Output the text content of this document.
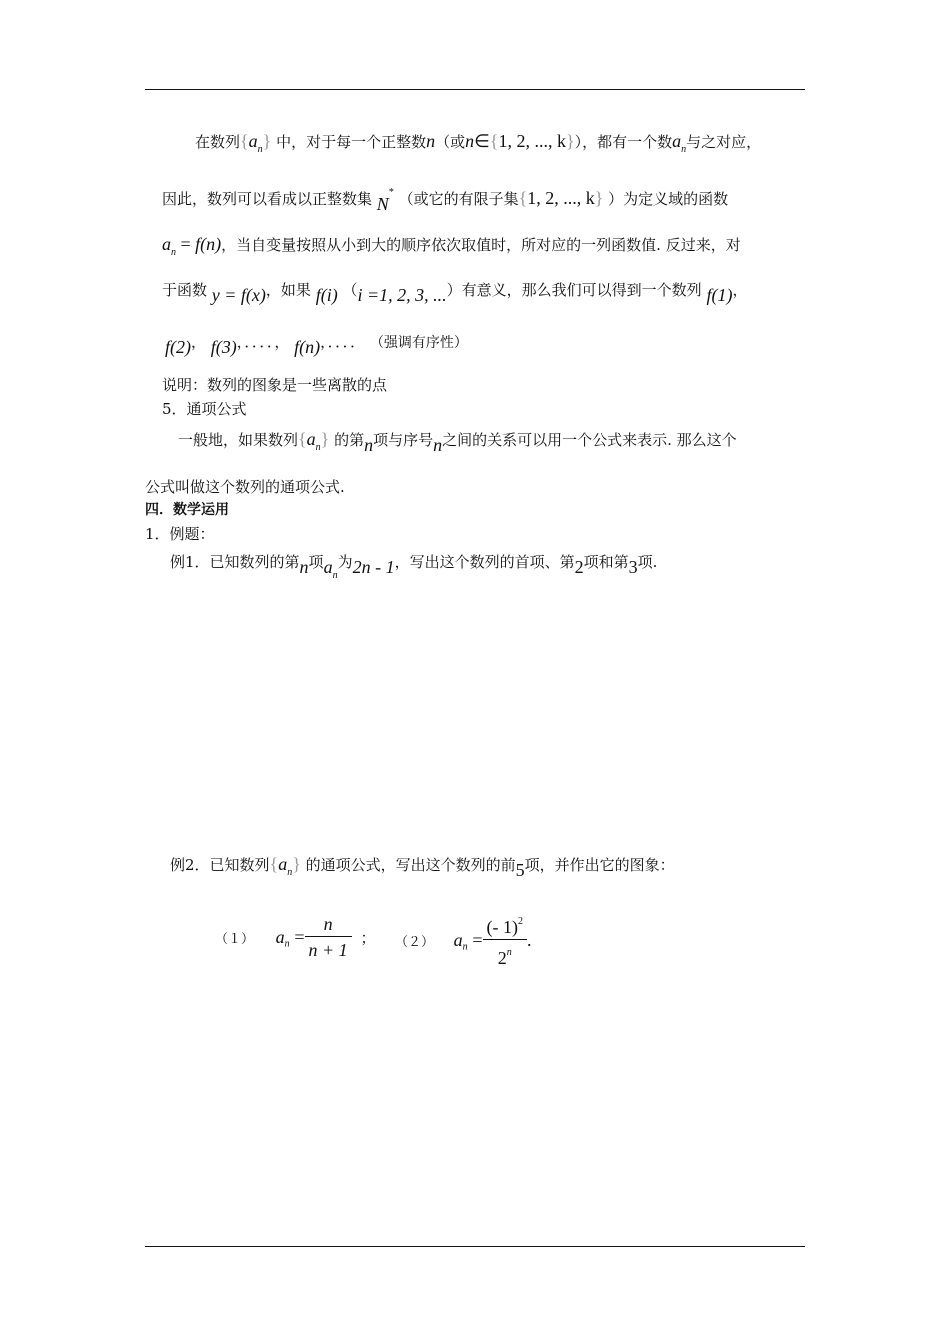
在数列$\{a_n\}$ 中，对于每一个正整数n（或n∈{1, 2, ..., k}），都有一个数$a_n$与之对应，
因此，数列可以看成以正整数集 N* （或它的有限子集{1, 2, ..., k} ）为定义域的函数
$a_n = f(n)$，当自变量按照从小到大的顺序依次取值时，所对应的一列函数值. 反过来，对
于函数 y = f(x)，如果 f(i) （i =1, 2, 3, ...）有意义，那么我们可以得到一个数列 f(1)，
f(2)， f(3)，．．．．， f(n)，．．．． （强调有序性）
说明：数列的图象是一些离散的点
5．通项公式
一般地，如果数列$\{a_n\}$ 的第n项与序号n之间的关系可以用一个公式来表示. 那么这个
公式叫做这个数列的通项公式.
四．数学运用
1．例题：
例1．已知数列的第n项$a_n$为2n - 1，写出这个数列的首项、第2项和第3项.
例2．已知数列$\{a_n\}$ 的通项公式，写出这个数列的前5项，并作出它的图象：
（１） $a_n = \frac{n}{n + 1}$ ； （２） $a_n = \frac{(- 1)^2}{2^n}$ .
